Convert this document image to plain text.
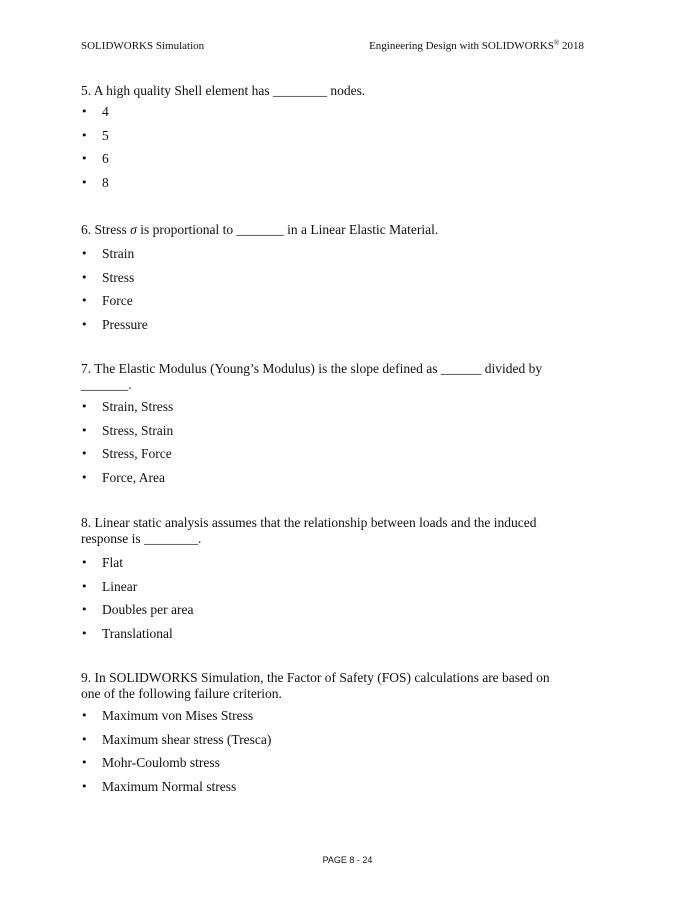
SOLIDWORKS Simulation	Engineering Design with SOLIDWORKS® 2018

5. A high quality Shell element has ________ nodes.

• 4
• 5
• 6
• 8

6. Stress σ is proportional to _______ in a Linear Elastic Material.

• Strain
• Stress
• Force
• Pressure

7. The Elastic Modulus (Young’s Modulus) is the slope defined as ______ divided by
_______.

• Strain, Stress
• Stress, Strain
• Stress, Force
• Force, Area

8. Linear static analysis assumes that the relationship between loads and the induced
response is ________.

• Flat
• Linear
• Doubles per area
• Translational

9. In SOLIDWORKS Simulation, the Factor of Safety (FOS) calculations are based on
one of the following failure criterion.

• Maximum von Mises Stress
• Maximum shear stress (Tresca)
• Mohr-Coulomb stress
• Maximum Normal stress
PAGE 8 - 24
